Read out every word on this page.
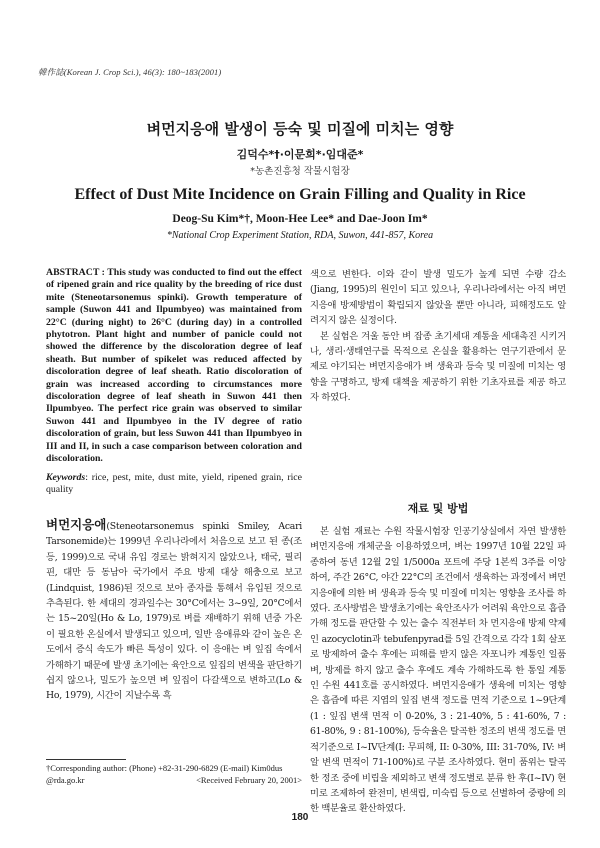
韓作誌(Korean J. Crop Sci.), 46(3): 180~183(2001)
벼먼지응애 발생이 등숙 및 미질에 미치는 영향
김덕수*†·이문희*·임대준*
*농촌진흥청 작물시험장
Effect of Dust Mite Incidence on Grain Filling and Quality in Rice
Deog-Su Kim*†, Moon-Hee Lee* and Dae-Joon Im*
*National Crop Experiment Station, RDA, Suwon, 441-857, Korea

ABSTRACT : This study was conducted to find out the effect of ripened grain and rice quality by the breeding of rice dust mite (Steneotarsonemus spinki). Growth temperature of sample (Suwon 441 and Ilpumbyeo) was maintained from 22°C (during night) to 26°C (during day) in a controlled phytotron. Plant hight and number of panicle could not showed the difference by the discoloration degree of leaf sheath. But number of spikelet was reduced affected by discoloration degree of leaf sheath. Ratio discoloration of grain was increased according to circumstances more discoloration degree of leaf sheath in Suwon 441 then Ilpumbyeo. The perfect rice grain was observed to similar Suwon 441 and Ilpumbyeo in the IV degree of ratio discoloration of grain, but less Suwon 441 than Ilpumbyeo in III and II, in such a case comparison between coloration and discoloration.

Keywords: rice, pest, mite, dust mite, yield, ripened grain, rice quality

벼먼지응애(Steneotarsonemus spinki Smiley, Acari Tarsonemide)는 1999년 우리나라에서 처음으로 보고 된 종(조 등, 1999)으로 국내 유입 경로는 밝혀지지 않았으나, 태국, 필리핀, 대만 등 동남아 국가에서 주요 방제 대상 해충으로 보고(Lindquist, 1986)된 것으로 보아 종자를 통해서 유입된 것으로 추측된다. 한 세대의 경과일수는 30°C에서는 3~9일, 20°C에서는 15~20일(Ho & Lo, 1979)로 벼를 재배하기 위해 년중 가온이 필요한 온실에서 발생되고 있으며, 일반 응애류와 같이 높은 온도에서 증식 속도가 빠른 특성이 있다. 이 응애는 벼 잎집 속에서 가해하기 때문에 발생 초기에는 육안으로 잎집의 변색을 판단하기 쉽지 않으나, 밀도가 높으면 벼 잎집이 다갈색으로 변하고(Lo & Ho, 1979), 시간이 지날수록 흑

†Corresponding author: (Phone) +82-31-290-6829 (E-mail) Kim0dus
@rda.go.kr	<Received February 20, 2001>

색으로 변한다. 이와 같이 발생 밀도가 높게 되면 수량 감소(Jiang, 1995)의 원인이 되고 있으나, 우리나라에서는 아직 벼먼지응애 방제방법이 확립되지 않았을 뿐만 아니라, 피해정도도 알려지지 않은 실정이다.

본 실험은 겨울 동안 벼 잡종 초기세대 계통을 세대촉진 시키거나, 생리·생태연구를 목적으로 온실을 활용하는 연구기관에서 문제로 야기되는 벼먼지응애가 벼 생육과 등숙 및 미질에 미치는 영향을 구명하고, 방제 대책을 제공하기 위한 기초자료를 제공 하고자 하였다.

재료 및 방법

본 실험 재료는 수원 작물시험장 인공기상실에서 자연 발생한 벼먼지응애 개체군을 이용하였으며, 벼는 1997년 10월 22일 파종하여 동년 12월 2일 1/5000a 포트에 주당 1본씩 3주를 이앙 하여, 주간 26°C, 야간 22°C의 조건에서 생육하는 과정에서 벼먼지응애에 의한 벼 생육과 등숙 및 미질에 미치는 영향을 조사를 하였다. 조사방법은 발생초기에는 육안조사가 어려워 육안으로 흡즙가해 정도를 판단할 수 있는 출수 직전부터 차 먼지응애 방제 약제인 azocyclotin과 tebufenpyrad를 5일 간격으로 각각 1회 살포로 방제하여 출수 후에는 피해를 받지 않은 자포니카 계통인 일품벼, 방제를 하지 않고 출수 후에도 계속 가해하도록 한 통일 계통인 수원 441호를 공시하였다. 벼먼지응애가 생육에 미치는 영향은 흡즙에 따른 지엽의 잎집 변색 정도를 면적 기준으로 1~9단계(1 : 잎집 변색 면적 이 0-20%, 3 : 21-40%, 5 : 41-60%, 7 : 61-80%, 9 : 81-100%), 등숙율은 탈곡한 정조의 변색 정도를 면적기준으로 I~IV단계(I: 무피해, II: 0-30%, III: 31-70%, IV: 벼알 변색 면적이 71-100%)로 구분 조사하였다. 현미 품위는 탈곡한 정조 중에 비립을 제외하고 변색 정도별로 분류 한 후(I~IV) 현미로 조제하여 완전미, 변색립, 미숙립 등으로 선별하여 중량에 의한 백분율로 환산하였다.

180
